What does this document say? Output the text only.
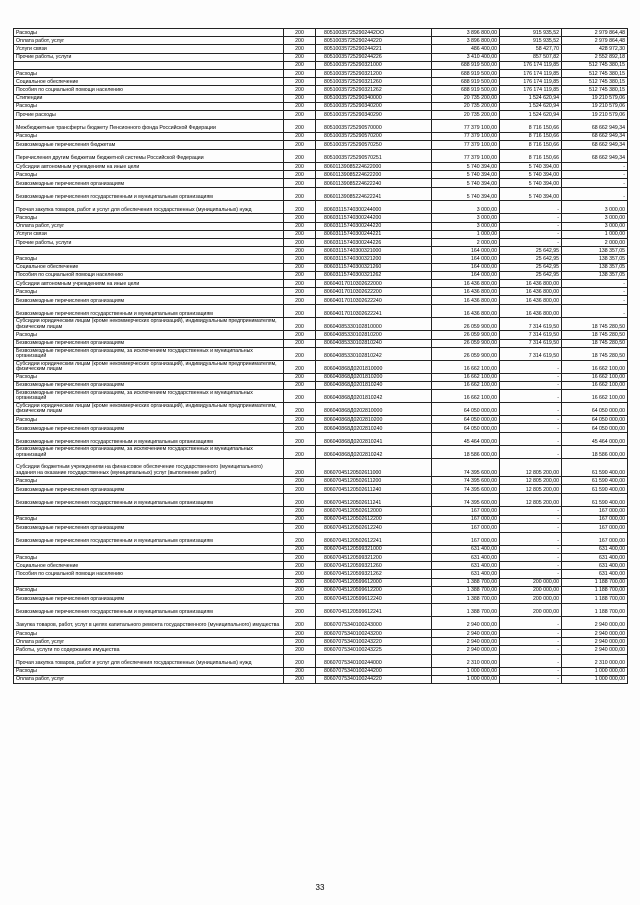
Расходы	200	805100357252902442ОО	3 896 800,00	915 935,52	2 979 864,48
Оплата работ, услуг	200	80510035725290244220	3 896 800,00	915 935,52	2 979 864,48
Услуги связи	200	80510035725290244221	486 400,00	58 427,70	428 972,30
Прочие работы, услуги	200	80510035725290244226	3 410 400,00	857 507,82	2 552 892,18
	200	80510035725290321000	688 919 500,00	176 174 119,85	512 745 380,15
Расходы	200	80510035725290321200	688 919 500,00	176 174 119,85	512 745 380,15
Социальное обеспечение	200	80510035725290321260	688 919 500,00	176 174 119,85	512 745 380,15
Пособия по социальной помощи населению	200	80510035725290321262	688 919 500,00	176 174 119,85	512 745 380,15
Стипендии	200	80510035725290340000	20 735 200,00	1 524 620,94	19 210 579,06
Расходы	200	80510035725290340200	20 735 200,00	1 524 620,94	19 210 579,06
Прочие расходы	200	80510035725290340290	20 735 200,00	1 524 620,94	19 210 579,06
Межбюджетные трансферты бюджету Пенсионного фонда Российской Федерации	200	80510035725290570000	77 379 100,00	8 716 150,66	68 662 949,34
Расходы	200	80510035725290570200	77 379 100,00	8 716 150,66	68 662 949,34
Безвозмездные перечисления бюджетам	200	80510035725290570250	77 379 100,00	8 716 150,66	68 662 949,34
Перечисления другим бюджетам бюджетной системы Российской Федерации	200	80510035725290570251	77 379 100,00	8 716 150,66	68 662 949,34
Субсидии автономным учреждениям на иные цели	200	80601139085224622000	5 740 394,00	5 740 394,00	-
Расходы	200	80601139085224622200	5 740 394,00	5 740 394,00	-
Безвозмездные перечисления организациям	200	80601139085224622240	5 740 394,00	5 740 394,00	-
Безвозмездные перечисления государственным и муниципальным организациям	200	80601139085224622241	5 740 394,00	5 740 394,00	-
Прочая закупка товаров, работ и услуг для обеспечения государственных (муниципальных) нужд	200	80603115740300244000	3 000,00	-	3 000,00
Расходы	200	80603115740300244200	3 000,00	-	3 000,00
Оплата работ, услуг	200	80603115740300244220	3 000,00	-	3 000,00
Услуги связи	200	80603115740300244221	1 000,00	-	1 000,00
Прочие работы, услуги	200	80603115740300244226	2 000,00	-	2 000,00
	200	80603115740300321000	164 000,00	25 642,95	138 357,05
Расходы	200	80603115740300321200	164 000,00	25 642,95	138 357,05
Социальное обеспечение	200	80603115740300321260	164 000,00	25 642,95	138 357,05
Пособия по социальной помощи населению	200	80603115740300321262	164 000,00	25 642,95	138 357,05
Субсидии автономным учреждениям на иные цели	200	80604017010302622000	16 436 800,00	16 436 800,00	-
Расходы	200	80604017010302622200	16 436 800,00	16 436 800,00	-
Безвозмездные перечисления организациям	200	80604017010302622240	16 436 800,00	16 436 800,00	-
Безвозмездные перечисления государственным и муниципальным организациям	200	80604017010302622241	16 436 800,00	16 436 800,00	-
Субсидии юридическим лицам (кроме некоммерческих организаций), индивидуальным предпринимателям, физическим лицам	200	80604085330102810000	26 059 900,00	7 314 619,50	18 745 280,50
Расходы	200	80604085330102810200	26 059 900,00	7 314 619,50	18 745 280,50
Безвозмездные перечисления организациям	200	80604085330102810240	26 059 900,00	7 314 619,50	18 745 280,50
Безвозмездные перечисления организациям, за исключением государственных и муниципальных организаций	200	80604085330102810242	26 059 900,00	7 314 619,50	18 745 280,50
Субсидии юридическим лицам (кроме некоммерческих организаций), индивидуальным предпринимателям, физическим лицам	200	806040868Д0201810000	16 662 100,00	-	16 662 100,00
Расходы	200	806040868Д0201810200	16 662 100,00	-	16 662 100,00
Безвозмездные перечисления организациям	200	806040868Д0201810240	16 662 100,00	-	16 662 100,00
Безвозмездные перечисления организациям, за исключением государственных и муниципальных организаций	200	806040868Д0201810242	16 662 100,00	-	16 662 100,00
Субсидии юридическим лицам (кроме некоммерческих организаций), индивидуальным предпринимателям, физическим лицам	200	806040868Д0202810000	64 050 000,00	-	64 050 000,00
Расходы	200	806040868Д0202810200	64 050 000,00	-	64 050 000,00
Безвозмездные перечисления организациям	200	806040868Д0202810240	64 050 000,00	-	64 050 000,00
Безвозмездные перечисления государственным и муниципальным организациям	200	806040868Д0202810241	45 464 000,00	-	45 464 000,00
Безвозмездные перечисления организациям, за исключением государственных и муниципальных организаций	200	806040868Д0202810242	18 586 000,00	-	18 586 000,00
Субсидии бюджетным учреждениям на финансовое обеспечение государственного (муниципального) задания на оказание государственных (муниципальных) услуг (выполнение работ)	200	80607045120502611000	74 395 600,00	12 805 200,00	61 590 400,00
Расходы	200	80607045120502611200	74 395 600,00	12 805 200,00	61 590 400,00
Безвозмездные перечисления организациям	200	80607045120502611240	74 395 600,00	12 805 200,00	61 590 400,00
Безвозмездные перечисления государственным и муниципальным организациям	200	80607045120502611241	74 395 600,00	12 805 200,00	61 590 400,00
	200	80607045120502612000	167 000,00	-	167 000,00
Расходы	200	80607045120502612200	167 000,00	-	167 000,00
Безвозмездные перечисления организациям	200	80607045120502612240	167 000,00	-	167 000,00
Безвозмездные перечисления государственным и муниципальным организациям	200	80607045120502612241	167 000,00	-	167 000,00
	200	80607045120599321000	631 400,00	-	631 400,00
Расходы	200	80607045120599321200	631 400,00	-	631 400,00
Социальное обеспечение	200	80607045120599321260	631 400,00	-	631 400,00
Пособия по социальной помощи населению	200	80607045120599321262	631 400,00	-	631 400,00
	200	80607045120599612000	1 388 700,00	200 000,00	1 188 700,00
Расходы	200	80607045120599612200	1 388 700,00	200 000,00	1 188 700,00
Безвозмездные перечисления организациям	200	80607045120599612240	1 388 700,00	200 000,00	1 188 700,00
Безвозмездные перечисления государственным и муниципальным организациям	200	80607045120599612241	1 388 700,00	200 000,00	1 188 700,00
Закупка товаров, работ, услуг в целях капитального ремонта государственного (муниципального) имущества	200	80607075340100243000	2 940 000,00	-	2 940 000,00
Расходы	200	80607075340100243200	2 940 000,00	-	2 940 000,00
Оплата работ, услуг	200	80607075340100243220	2 940 000,00	-	2 940 000,00
Работы, услуги по содержанию имущества	200	80607075340100243225	2 940 000,00	-	2 940 000,00
Прочая закупка товаров, работ и услуг для обеспечения государственных (муниципальных) нужд	200	80607075340100244000	2 310 000,00	-	2 310 000,00
Расходы	200	80607075340100244200	1 000 000,00	-	1 000 000,00
Оплата работ, услуг	200	80607075340100244220	1 000 000,00	-	1 000 000,00
33
